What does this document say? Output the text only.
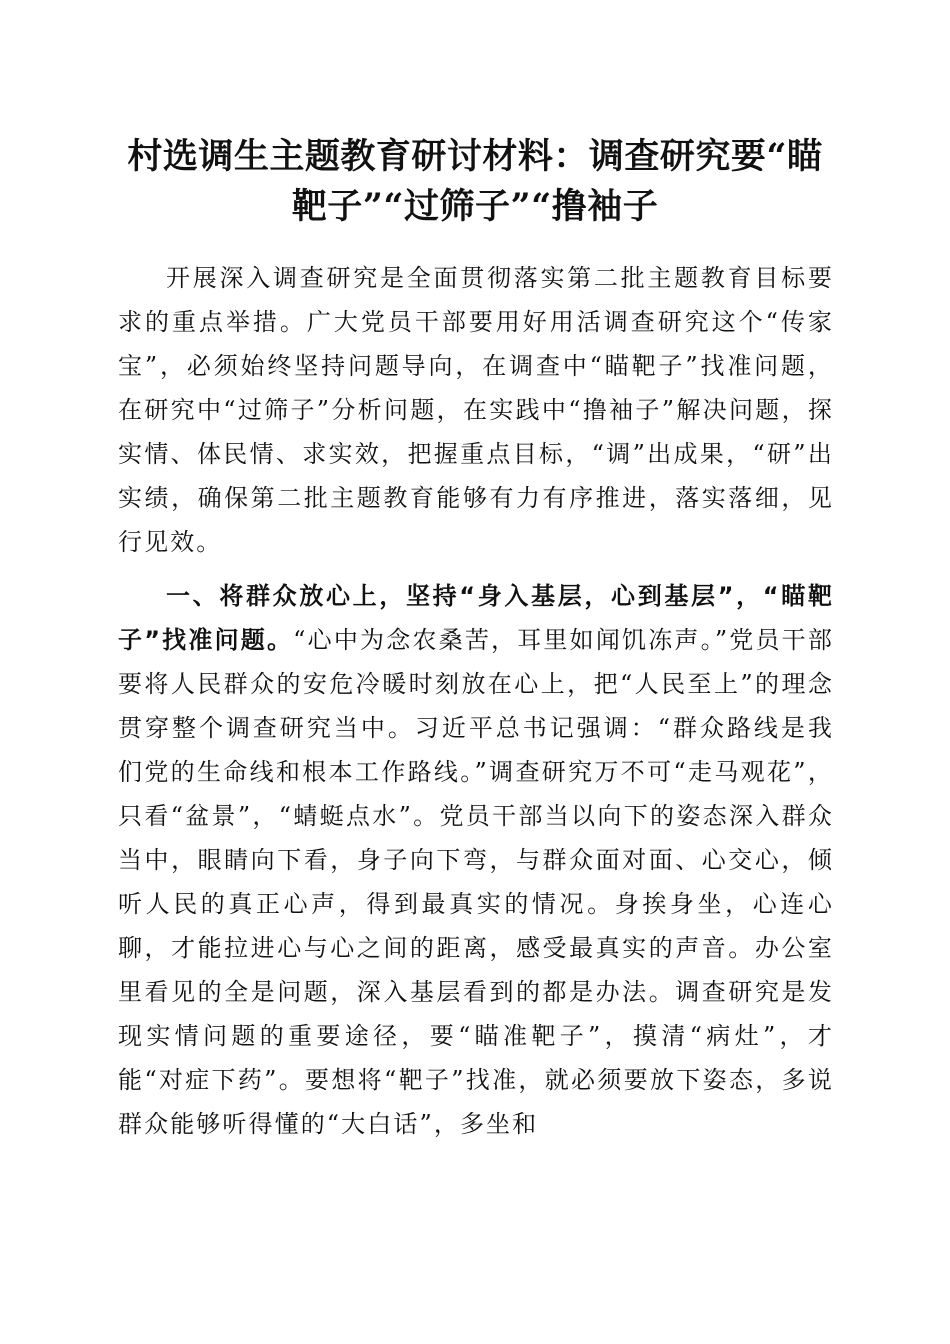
村选调生主题教育研讨材料：调查研究要“瞄靶子”“过筛子”“撸袖子

开展深入调查研究是全面贯彻落实第二批主题教育目标要求的重点举措。广大党员干部要用好用活调查研究这个“传家宝”，必须始终坚持问题导向，在调查中“瞄靶子”找准问题，在研究中“过筛子”分析问题，在实践中“撸袖子”解决问题，探实情、体民情、求实效，把握重点目标，“调”出成果，“研”出实绩，确保第二批主题教育能够有力有序推进，落实落细，见行见效。

一、将群众放心上，坚持“身入基层，心到基层”，“瞄靶子”找准问题。“心中为念农桑苦，耳里如闻饥冻声。”党员干部要将人民群众的安危冷暖时刻放在心上，把“人民至上”的理念贯穿整个调查研究当中。习近平总书记强调：“群众路线是我们党的生命线和根本工作路线。”调查研究万不可“走马观花”，只看“盆景”，“蜻蜓点水”。党员干部当以向下的姿态深入群众当中，眼睛向下看，身子向下弯，与群众面对面、心交心，倾听人民的真正心声，得到最真实的情况。身挨身坐，心连心聊，才能拉进心与心之间的距离，感受最真实的声音。办公室里看见的全是问题，深入基层看到的都是办法。调查研究是发现实情问题的重要途径，要“瞄准靶子”，摸清“病灶”，才能“对症下药”。要想将“靶子”找准，就必须要放下姿态，多说群众能够听得懂的“大白话”，多坐和
